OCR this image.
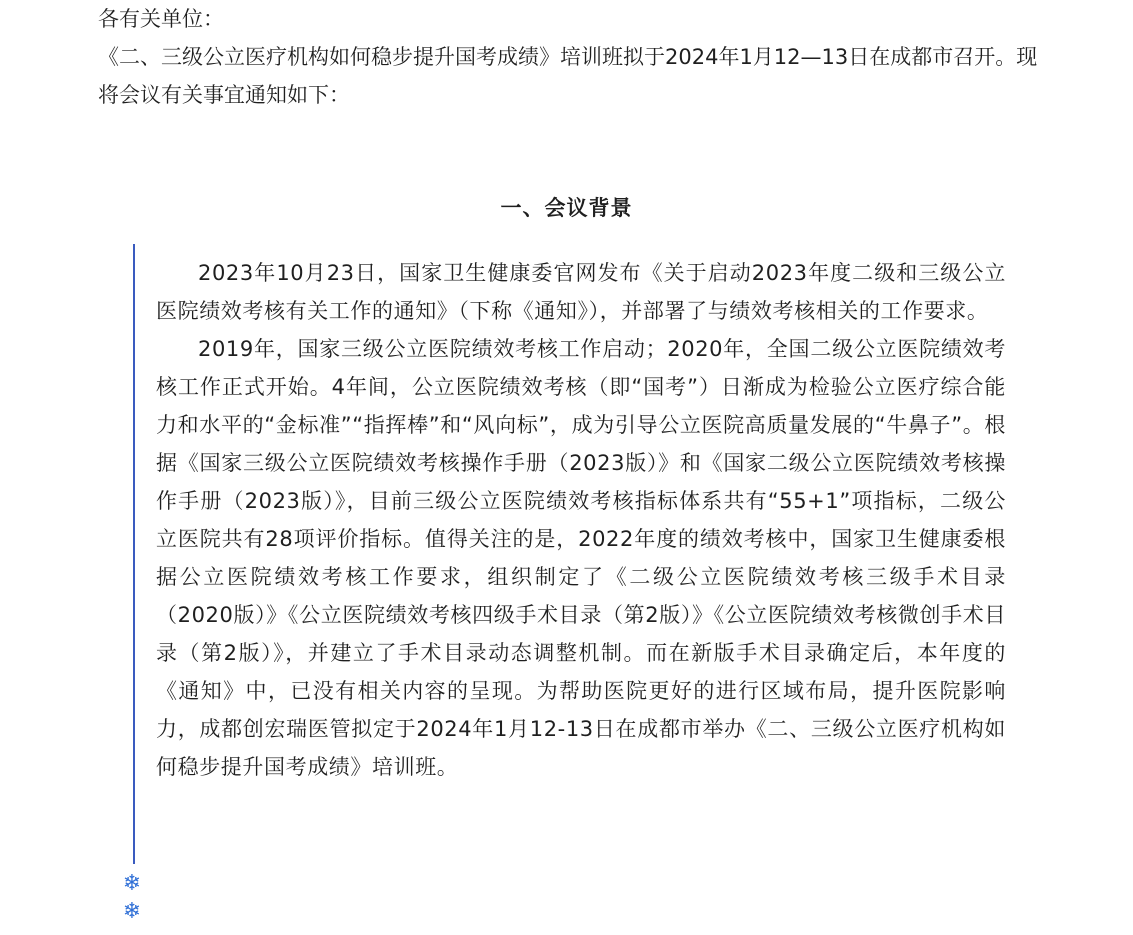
各有关单位：

《二、三级公立医疗机构如何稳步提升国考成绩》培训班拟于2024年1月12—13日在成都市召开。现将会议有关事宜通知如下：

一、会议背景

2023年10月23日，国家卫生健康委官网发布《关于启动2023年度二级和三级公立医院绩效考核有关工作的通知》（下称《通知》），并部署了与绩效考核相关的工作要求。

2019年，国家三级公立医院绩效考核工作启动；2020年，全国二级公立医院绩效考核工作正式开始。4年间，公立医院绩效考核（即“国考”）日渐成为检验公立医疗综合能力和水平的“金标准”“指挥棒”和“风向标”，成为引导公立医院高质量发展的“牛鼻子”。根据《国家三级公立医院绩效考核操作手册（2023版）》和《国家二级公立医院绩效考核操作手册（2023版）》，目前三级公立医院绩效考核指标体系共有“55+1”项指标，二级公立医院共有28项评价指标。值得关注的是，2022年度的绩效考核中，国家卫生健康委根据公立医院绩效考核工作要求，组织制定了《二级公立医院绩效考核三级手术目录（2020版）》《公立医院绩效考核四级手术目录（第2版）》《公立医院绩效考核微创手术目录（第2版）》，并建立了手术目录动态调整机制。而在新版手术目录确定后，本年度的《通知》中，已没有相关内容的呈现。为帮助医院更好的进行区域布局，提升医院影响力，成都创宏瑞医管拟定于2024年1月12-13日在成都市举办《二、三级公立医疗机构如何稳步提升国考成绩》培训班。

❄
❄
